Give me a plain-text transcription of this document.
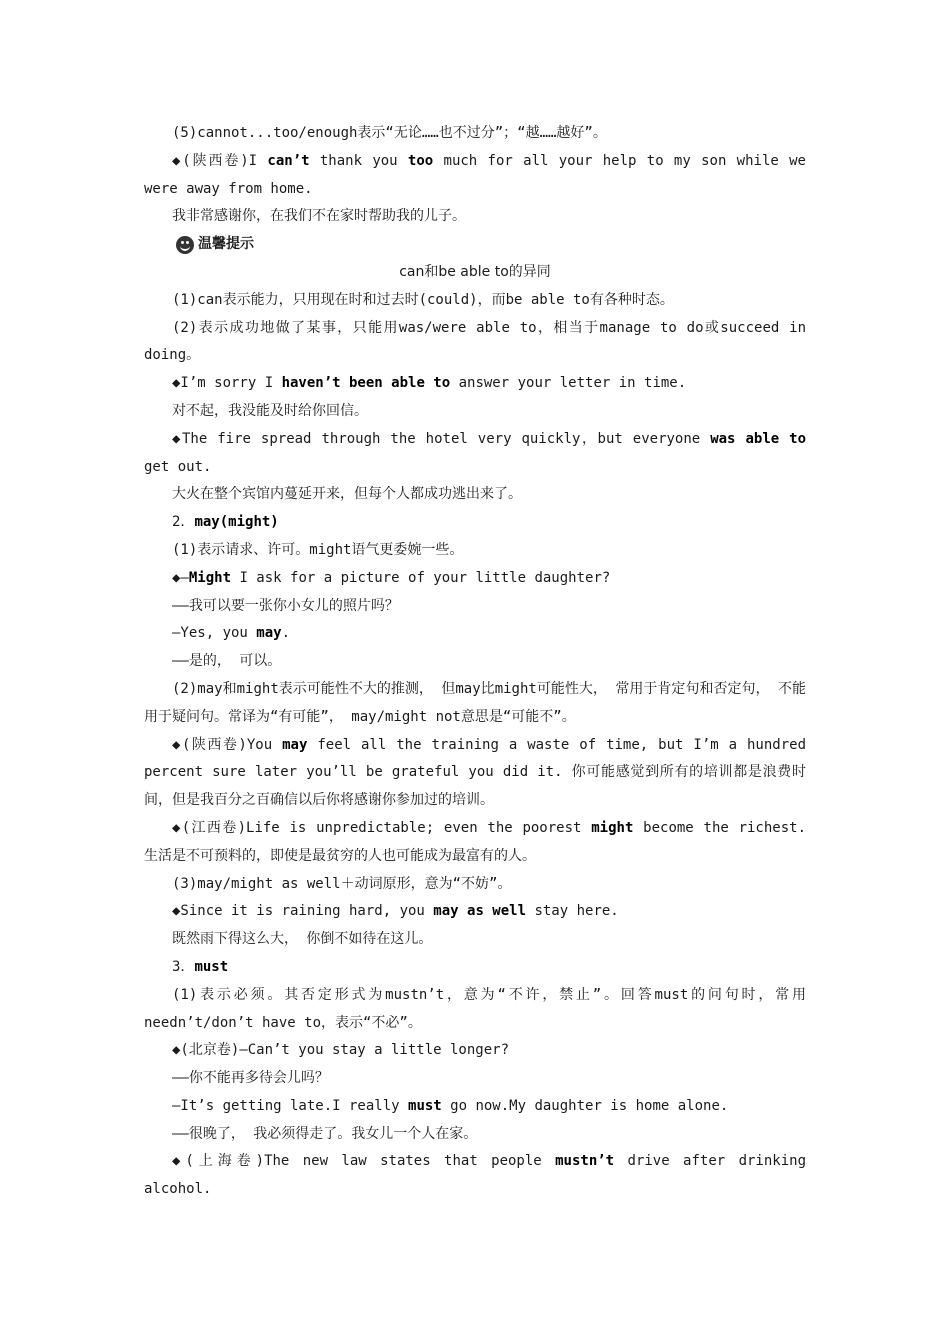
(5)cannot...too/enough表示“无论……也不过分”；“越……越好”。

◆(陕西卷)I can’t thank you too much for all your help to my son while we were away from home.

我非常感谢你，在我们不在家时帮助我的儿子。

温馨提示

can和be able to的异同

(1)can表示能力，只用现在时和过去时(could)，而be able to有各种时态。

(2)表示成功地做了某事，只能用was/were able to，相当于manage to do或succeed in doing。

◆I’m sorry I haven’t been able to answer your letter in time.

对不起，我没能及时给你回信。

◆The fire spread through the hotel very quickly，but everyone was able to get out.

大火在整个宾馆内蔓延开来，但每个人都成功逃出来了。

2．may(might)

(1)表示请求、许可。might语气更委婉一些。

◆—Might I ask for a picture of your little daughter?

——我可以要一张你小女儿的照片吗？

—Yes, you may.

——是的， 可以。

(2)may和might表示可能性不大的推测， 但may比might可能性大， 常用于肯定句和否定句， 不能用于疑问句。常译为“有可能”， may/might not意思是“可能不”。

◆(陕西卷)You may feel all the training a waste of time, but I’m a hundred percent sure later you’ll be grateful you did it. 你可能感觉到所有的培训都是浪费时间，但是我百分之百确信以后你将感谢你参加过的培训。

◆(江西卷)Life is unpredictable; even the poorest might become the richest. 生活是不可预料的，即使是最贫穷的人也可能成为最富有的人。

(3)may/might as well＋动词原形，意为“不妨”。

◆Since it is raining hard, you may as well stay here.

既然雨下得这么大， 你倒不如待在这儿。

3．must

(1)表示必须。其否定形式为mustn’t，意为“不许，禁止”。回答must的问句时，常用needn’t/don’t have to，表示“不必”。

◆(北京卷)—Can’t you stay a little longer?

——你不能再多待会儿吗？

—It’s getting late.I really must go now.My daughter is home alone.

——很晚了， 我必须得走了。我女儿一个人在家。

◆(上海卷)The new law states that people mustn’t drive after drinking alcohol.
